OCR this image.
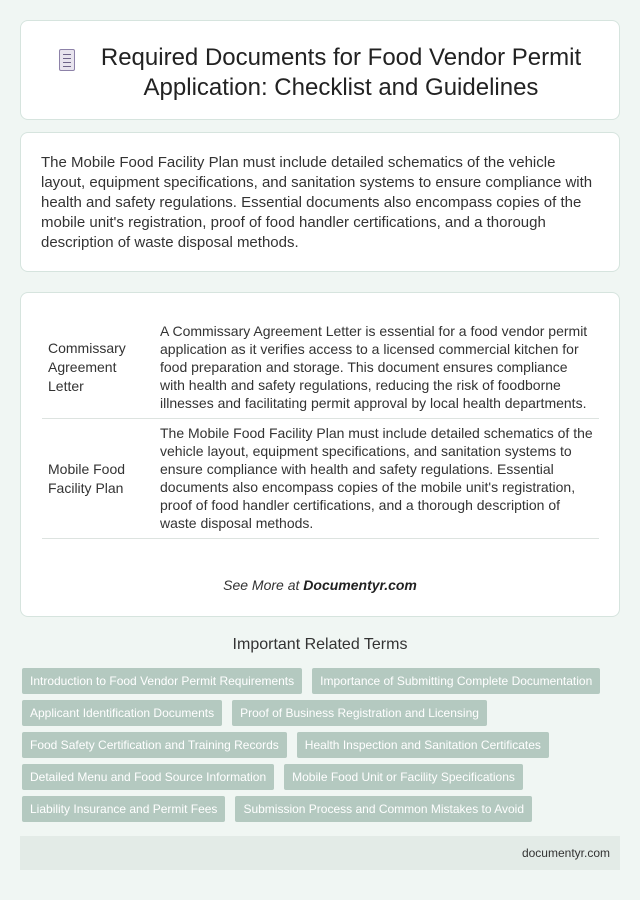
Required Documents for Food Vendor Permit
Application: Checklist and Guidelines
The Mobile Food Facility Plan must include detailed schematics of the vehicle layout, equipment specifications, and sanitation systems to ensure compliance with health and safety regulations. Essential documents also encompass copies of the mobile unit's registration, proof of food handler certifications, and a thorough description of waste disposal methods.
Commissary Agreement Letter
A Commissary Agreement Letter is essential for a food vendor permit application as it verifies access to a licensed commercial kitchen for food preparation and storage. This document ensures compliance with health and safety regulations, reducing the risk of foodborne illnesses and facilitating permit approval by local health departments.
Mobile Food Facility Plan
The Mobile Food Facility Plan must include detailed schematics of the vehicle layout, equipment specifications, and sanitation systems to ensure compliance with health and safety regulations. Essential documents also encompass copies of the mobile unit's registration, proof of food handler certifications, and a thorough description of waste disposal methods.
See More at Documentyr.com
Important Related Terms
Introduction to Food Vendor Permit Requirements Importance of Submitting Complete Documentation
Applicant Identification Documents Proof of Business Registration and Licensing
Food Safety Certification and Training Records Health Inspection and Sanitation Certificates
Detailed Menu and Food Source Information Mobile Food Unit or Facility Specifications
Liability Insurance and Permit Fees Submission Process and Common Mistakes to Avoid
documentyr.com
